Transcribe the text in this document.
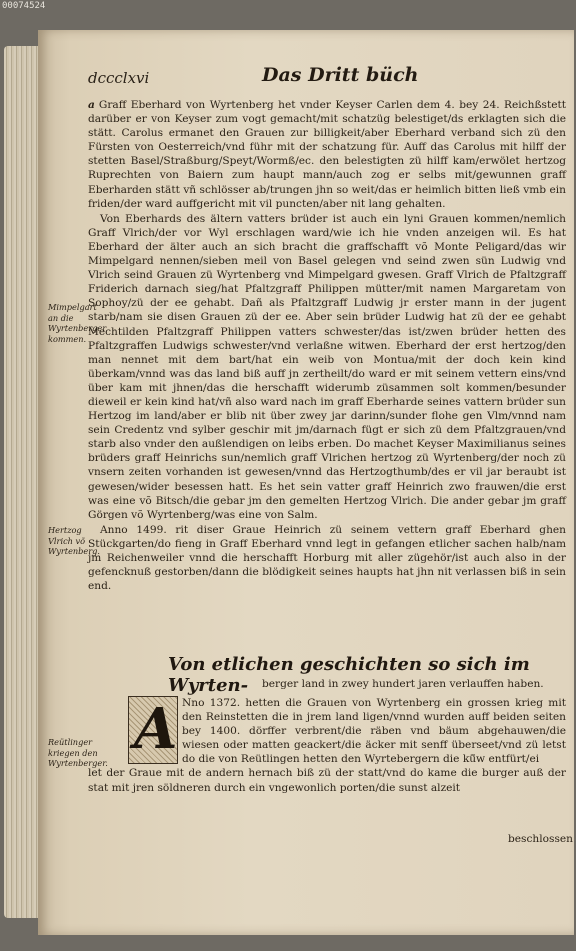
00074524
dccclxvi	Das Dritt büch

a Graff Eberhard von Wyrtenberg het vnder Keyser Carlen dem 4. bey 24. Reichßstett darüber er von Keyser zum vogt gemacht/mit schatzüg belestiget/ds erklagten sich die stätt. Carolus ermanet den Grauen zur billigkeit/aber Eberhard verband sich zü den Fürsten von Oesterreich/vnd führ mit der schatzung für. Auff das Carolus mit hilff der stetten Basel/Straßburg/Speyt/Wormß/ec. den belestigten zü hilff kam/erwölet hertzog Ruprechten von Baiern zum haupt mann/auch zog er selbs mit/gewunnen graff Eberharden stätt vñ schlösser ab/trungen jhn so weit/das er heimlich bitten ließ vmb ein friden/der ward auffgericht mit vil puncten/aber nit lang gehalten.

Von Eberhards des ältern vatters brüder ist auch ein lyni Grauen kommen/nemlich Graff Vlrich/der vor Wyl erschlagen ward/wie ich hie vnden anzeigen wil. Es hat Eberhard der älter auch an sich bracht die graffschafft võ Monte Peligard/das wir Mimpelgard nennen/sieben meil von Basel gelegen vnd seind zwen sün Ludwig vnd Vlrich seind Grauen zü Wyrtenberg vnd Mimpelgard gwesen. Graff Vlrich de Pfaltzgraff Friderich darnach sieg/hat Pfaltzgraff Philippen mütter/mit namen Margaretam von Sophoy/zü der ee gehabt. Dañ als Pfaltzgraff Ludwig jr erster mann in der jugent starb/nam sie disen Grauen zü der ee. Aber sein brüder Ludwig hat zü der ee gehabt Mechtilden Pfaltzgraff Philippen vatters schwester/das ist/zwen brüder hetten des Pfaltzgraffen Ludwigs schwester/vnd verlaßne witwen. Eberhard der erst hertzog/den man nennet mit dem bart/hat ein weib von Montua/mit der doch kein kind überkam/vnnd was das land biß auff jn zertheilt/do ward er mit seinem vettern eins/vnd über kam mit jhnen/das die herschafft widerumb züsammen solt kommen/besunder dieweil er kein kind hat/vñ also ward nach im graff Eberharde seines vattern brüder sun Hertzog im land/aber er blib nit über zwey jar darinn/sunder flohe gen Vlm/vnnd nam sein Credentz vnd sylber geschir mit jm/darnach fügt er sich zü dem Pfaltzgrauen/vnd starb also vnder den außlendigen on leibs erben. Do machet Keyser Maximilianus seines brüders graff Heinrichs sun/nemlich graff Vlrichen hertzog zü Wyrtenberg/der noch zü vnsern zeiten vorhanden ist gewesen/vnnd das Hertzogthumb/des er vil jar beraubt ist gewesen/wider besessen hatt. Es het sein vatter graff Heinrich zwo frauwen/die erst was eine võ Bitsch/die gebar jm den gemelten Hertzog Vlrich. Die ander gebar jm graff Görgen võ Wyrtenberg/was eine von Salm.

Anno 1499. rit diser Graue Heinrich zü seinem vettern graff Eberhard ghen Stückgarten/do fieng in Graff Eberhard vnnd legt in gefangen etlicher sachen halb/nam jm Reichenweiler vnnd die herschafft Horburg mit aller zügehör/ist auch also in der gefencknuß gestorben/dann die blödigkeit seines haupts hat jhn nit verlassen biß in sein end.

Mimpelgart an die Wyrtenberger kommen.
Hertzog Vlrich võ Wyrtenberg.
Von etlichen geschichten so sich im Wyrten-	berger land in zwey hundert jaren verlauffen haben.
Nno 1372. hetten die Grauen von Wyrtenberg ein grossen krieg mit den Reinstetten die in jrem land ligen/vnnd wurden auff beiden seiten bey 1400. dörffer verbrent/die räben vnd bäum abgehauwen/die wiesen oder matten geackert/die äcker mit senff überseet/vnd zü letst do die von Reütlingen hetten den Wyrtebergern die kü̈w entfürt/ei
let der Graue mit de andern hernach biß zü der statt/vnd do kame die burger auß der stat mit jren söldneren durch ein vngewonlich porten/die sunst alzeit
A
Reütlinger kriegen den Wyrtenberger.
beschlossen
